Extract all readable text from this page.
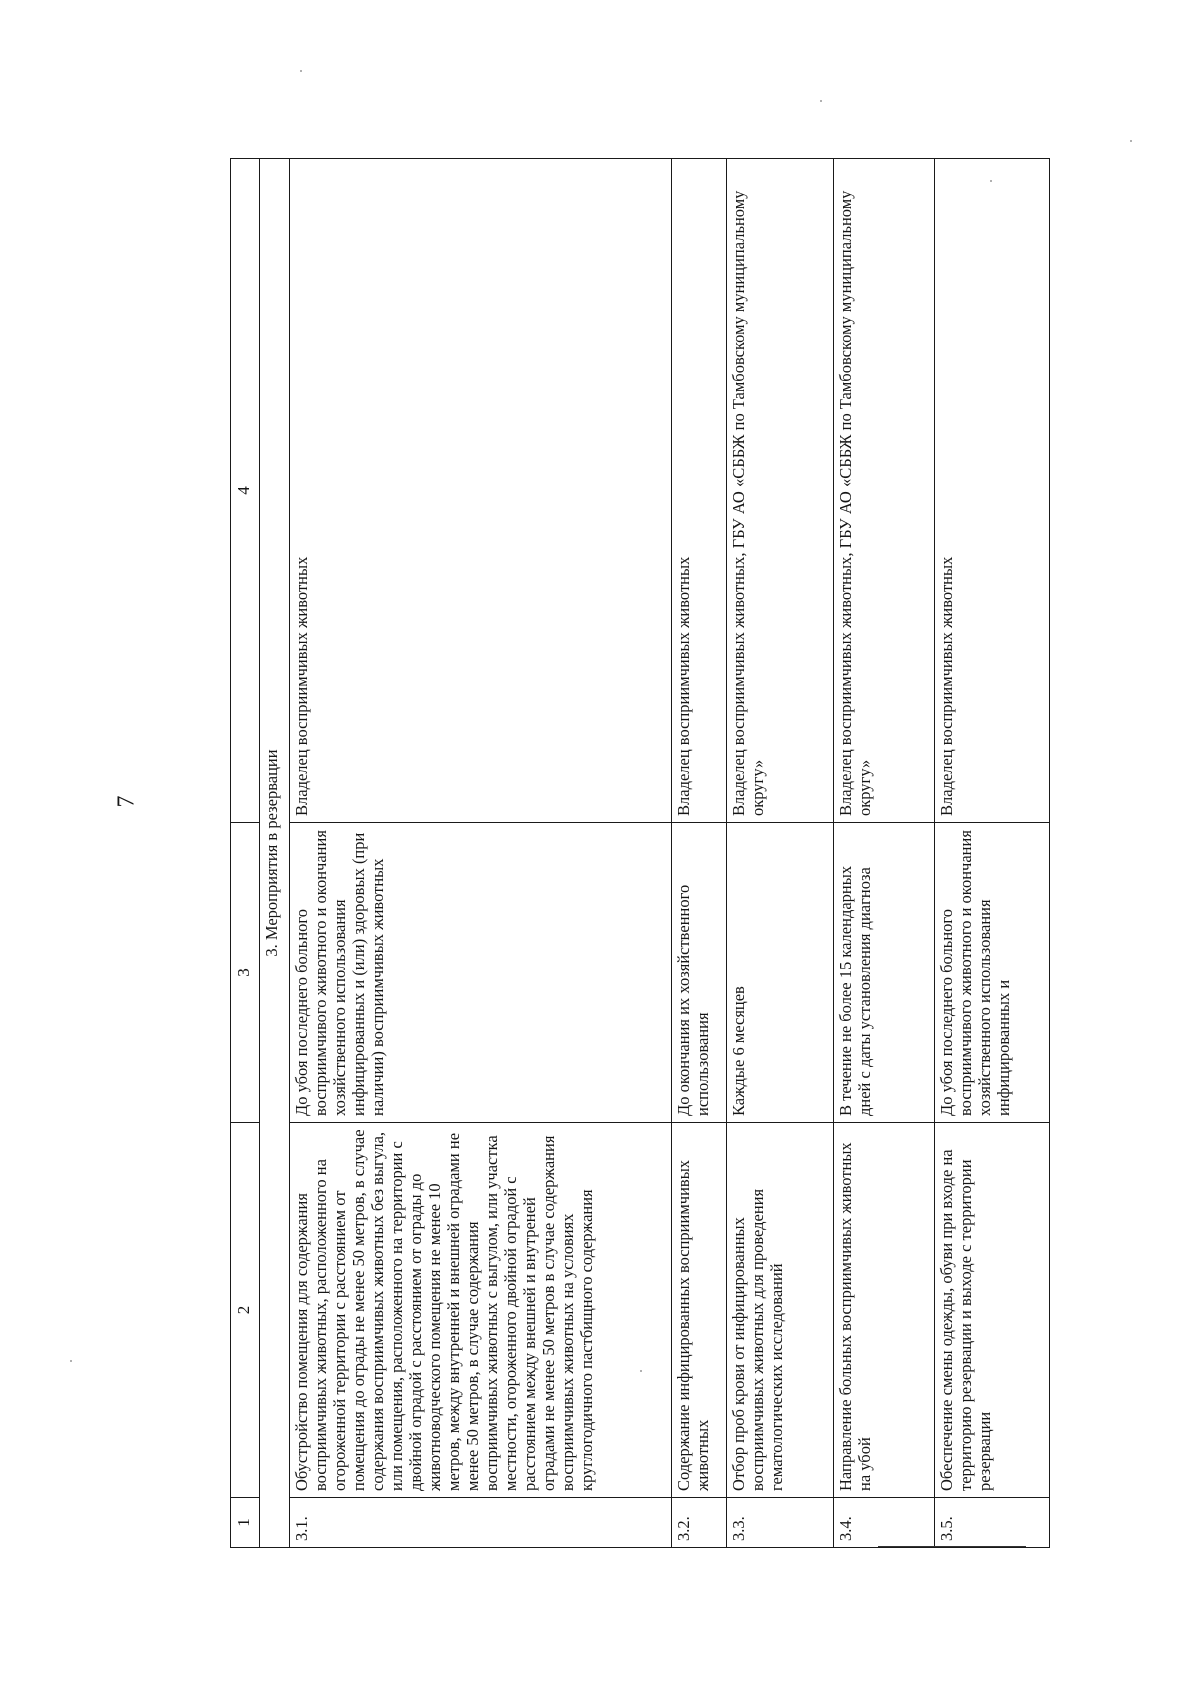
7
1	2	3	4
3. Мероприятия в резервации			
3.1.	Обустройство помещения для содержания восприимчивых животных, расположенного на огороженной территории с расстоянием от помещения до ограды не менее 50 метров, в случае содержания восприимчивых животных без выгула, или помещения, расположенного на территории с двойной оградой с расстоянием от ограды до животноводческого помещения не менее 10 метров, между внутренней и внешней оградами не менее 50 метров, в случае содержания восприимчивых животных с выгулом, или участка местности, огороженного двойной оградой с расстоянием между внешней и внутреней оградами не менее 50 метров в случае содержания восприимчивых животных на условиях круглогодичного пастбищного содержания	До убоя последнего больного восприимчивого животного и окончания хозяйственного использования инфицированных и (или) здоровых (при наличии) восприимчивых животных	Владелец восприимчивых животных
3.2.	Содержание инфицированных восприимчивых животных	До окончания их хозяйственного использования	Владелец восприимчивых животных
3.3.	Отбор проб крови от инфицированных восприимчивых животных для проведения гематологических исследований	Каждые 6 месяцев	Владелец восприимчивых животных, ГБУ АО «СББЖ по Тамбовскому муниципальному округу»
3.4.	Направление больных восприимчивых животных на убой	В течение не более 15 календарных дней с даты установления диагноза	Владелец восприимчивых животных, ГБУ АО «СББЖ по Тамбовскому муниципальному округу»
3.5.	Обеспечение смены одежды, обуви при входе на территорию резервации и выходе с территории резервации	До убоя последнего больного восприимчивого животного и окончания хозяйственного использования инфицированных и	Владелец восприимчивых животных
